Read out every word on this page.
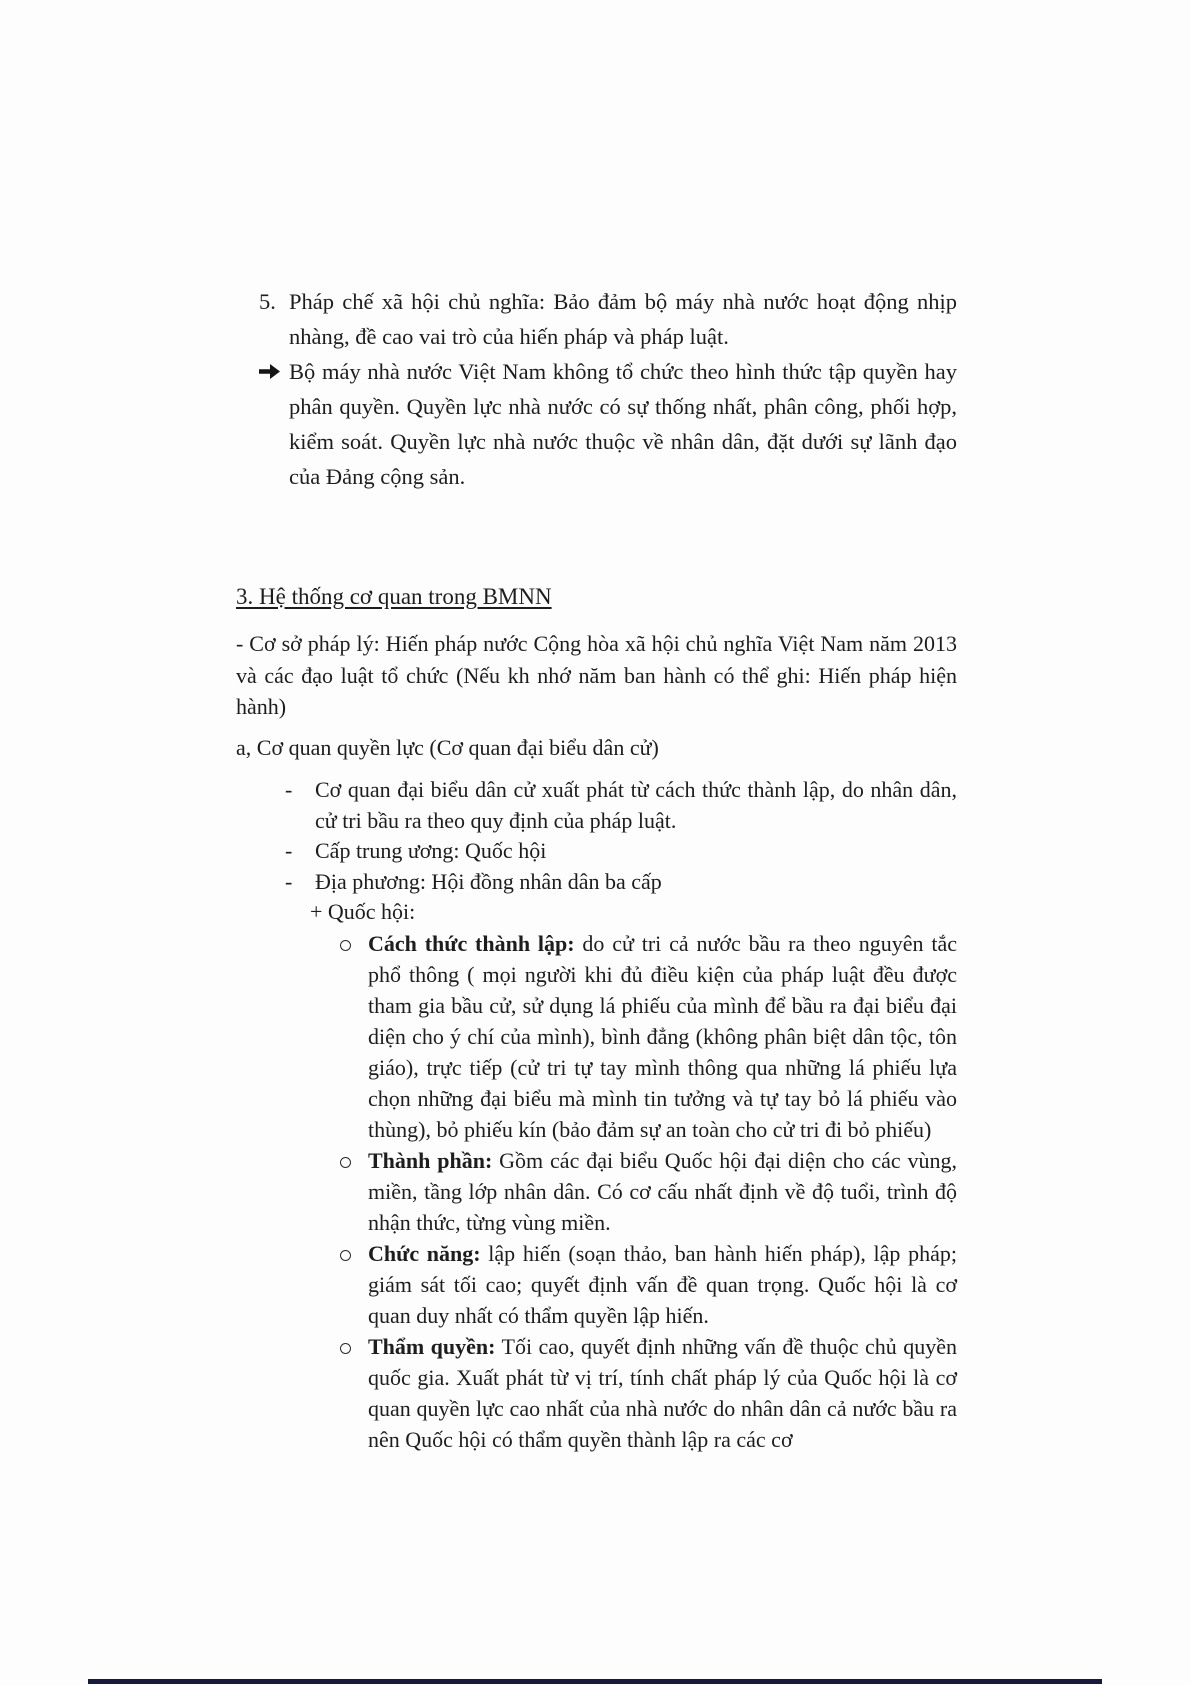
5. Pháp chế xã hội chủ nghĩa: Bảo đảm bộ máy nhà nước hoạt động nhịp nhàng, đề cao vai trò của hiến pháp và pháp luật.
Bộ máy nhà nước Việt Nam không tổ chức theo hình thức tập quyền hay phân quyền. Quyền lực nhà nước có sự thống nhất, phân công, phối hợp, kiểm soát. Quyền lực nhà nước thuộc về nhân dân, đặt dưới sự lãnh đạo của Đảng cộng sản.
3. Hệ thống cơ quan trong BMNN

- Cơ sở pháp lý: Hiến pháp nước Cộng hòa xã hội chủ nghĩa Việt Nam năm 2013 và các đạo luật tổ chức (Nếu kh nhớ năm ban hành có thể ghi: Hiến pháp hiện hành)

a, Cơ quan quyền lực (Cơ quan đại biểu dân cử)

-	Cơ quan đại biểu dân cử xuất phát từ cách thức thành lập, do nhân dân, cử tri bầu ra theo quy định của pháp luật.
-	Cấp trung ương: Quốc hội
-	Địa phương: Hội đồng nhân dân ba cấp
+ Quốc hội:
Cách thức thành lập: do cử tri cả nước bầu ra theo nguyên tắc phổ thông ( mọi người khi đủ điều kiện của pháp luật đều được tham gia bầu cử, sử dụng lá phiếu của mình để bầu ra đại biểu đại diện cho ý chí của mình), bình đẳng (không phân biệt dân tộc, tôn giáo), trực tiếp (cử tri tự tay mình thông qua những lá phiếu lựa chọn những đại biểu mà mình tin tưởng và tự tay bỏ lá phiếu vào thùng), bỏ phiếu kín (bảo đảm sự an toàn cho cử tri đi bỏ phiếu)
Thành phần: Gồm các đại biểu Quốc hội đại diện cho các vùng, miền, tầng lớp nhân dân. Có cơ cấu nhất định về độ tuổi, trình độ nhận thức, từng vùng miền.
Chức năng: lập hiến (soạn thảo, ban hành hiến pháp), lập pháp; giám sát tối cao; quyết định vấn đề quan trọng. Quốc hội là cơ quan duy nhất có thẩm quyền lập hiến.
Thẩm quyền: Tối cao, quyết định những vấn đề thuộc chủ quyền quốc gia. Xuất phát từ vị trí, tính chất pháp lý của Quốc hội là cơ quan quyền lực cao nhất của nhà nước do nhân dân cả nước bầu ra nên Quốc hội có thẩm quyền thành lập ra các cơ
